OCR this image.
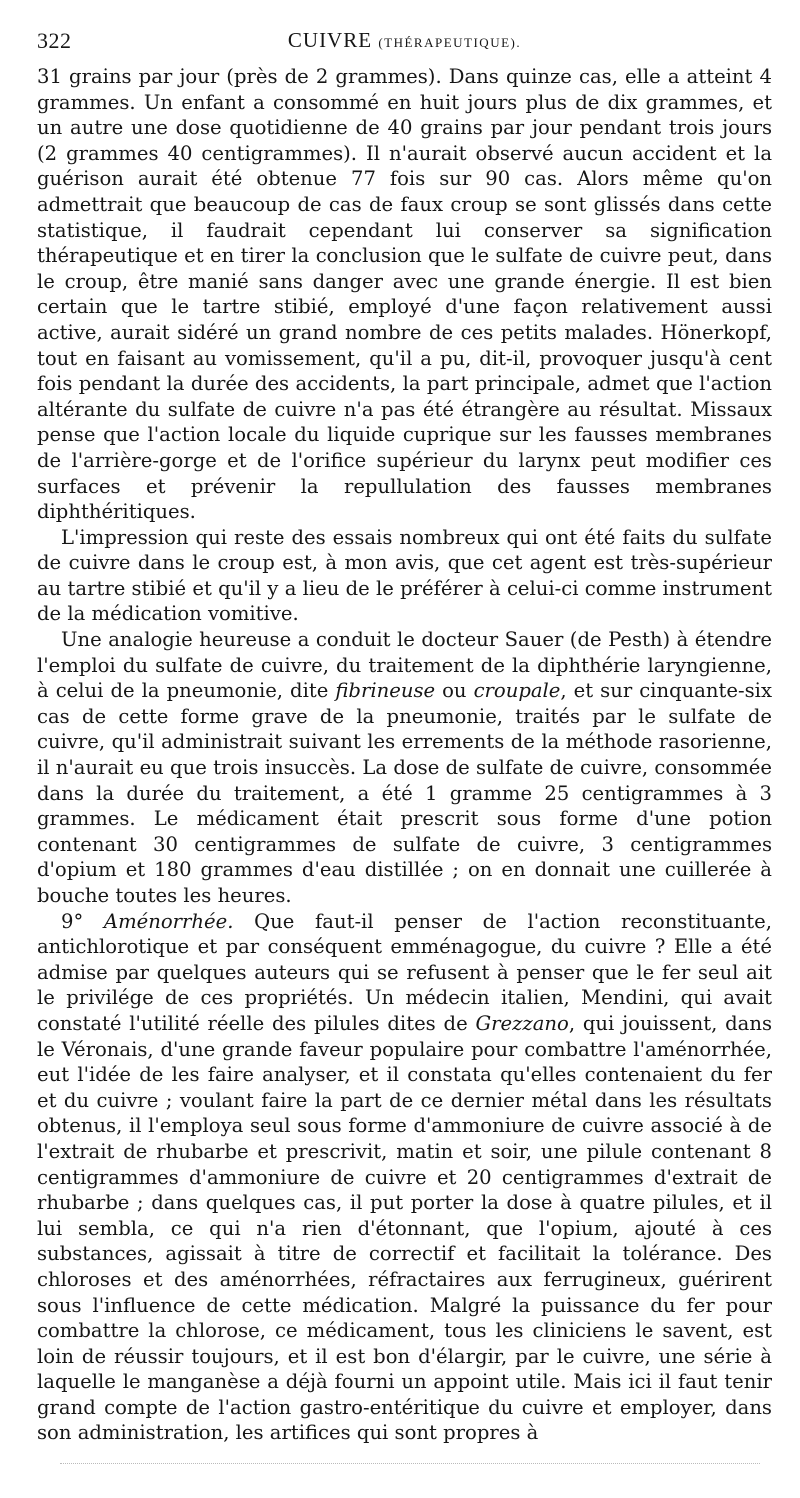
322	CUIVRE (THÉRAPEUTIQUE).

31 grains par jour (près de 2 grammes). Dans quinze cas, elle a atteint 4 grammes. Un enfant a consommé en huit jours plus de dix grammes, et un autre une dose quotidienne de 40 grains par jour pendant trois jours (2 grammes 40 centigrammes). Il n'aurait observé aucun accident et la guérison aurait été obtenue 77 fois sur 90 cas. Alors même qu'on admettrait que beaucoup de cas de faux croup se sont glissés dans cette statistique, il faudrait cependant lui conserver sa signification thérapeutique et en tirer la conclusion que le sulfate de cuivre peut, dans le croup, être manié sans danger avec une grande énergie. Il est bien certain que le tartre stibié, employé d'une façon relativement aussi active, aurait sidéré un grand nombre de ces petits malades. Hönerkopf, tout en faisant au vomissement, qu'il a pu, dit-il, provoquer jusqu'à cent fois pendant la durée des accidents, la part principale, admet que l'action altérante du sulfate de cuivre n'a pas été étrangère au résultat. Missaux pense que l'action locale du liquide cuprique sur les fausses membranes de l'arrière-gorge et de l'orifice supérieur du larynx peut modifier ces surfaces et prévenir la repullulation des fausses membranes diphthéritiques.

L'impression qui reste des essais nombreux qui ont été faits du sulfate de cuivre dans le croup est, à mon avis, que cet agent est très-supérieur au tartre stibié et qu'il y a lieu de le préférer à celui-ci comme instrument de la médication vomitive.

Une analogie heureuse a conduit le docteur Sauer (de Pesth) à étendre l'emploi du sulfate de cuivre, du traitement de la diphthérie laryngienne, à celui de la pneumonie, dite fibrineuse ou croupale, et sur cinquante-six cas de cette forme grave de la pneumonie, traités par le sulfate de cuivre, qu'il administrait suivant les errements de la méthode rasorienne, il n'aurait eu que trois insuccès. La dose de sulfate de cuivre, consommée dans la durée du traitement, a été 1 gramme 25 centigrammes à 3 grammes. Le médicament était prescrit sous forme d'une potion contenant 30 centigrammes de sulfate de cuivre, 3 centigrammes d'opium et 180 grammes d'eau distillée ; on en donnait une cuillerée à bouche toutes les heures.

9° Aménorrhée. Que faut-il penser de l'action reconstituante, antichlorotique et par conséquent emménagogue, du cuivre ? Elle a été admise par quelques auteurs qui se refusent à penser que le fer seul ait le privilége de ces propriétés. Un médecin italien, Mendini, qui avait constaté l'utilité réelle des pilules dites de Grezzano, qui jouissent, dans le Véronais, d'une grande faveur populaire pour combattre l'aménorrhée, eut l'idée de les faire analyser, et il constata qu'elles contenaient du fer et du cuivre ; voulant faire la part de ce dernier métal dans les résultats obtenus, il l'employa seul sous forme d'ammoniure de cuivre associé à de l'extrait de rhubarbe et prescrivit, matin et soir, une pilule contenant 8 centigrammes d'ammoniure de cuivre et 20 centigrammes d'extrait de rhubarbe ; dans quelques cas, il put porter la dose à quatre pilules, et il lui sembla, ce qui n'a rien d'étonnant, que l'opium, ajouté à ces substances, agissait à titre de correctif et facilitait la tolérance. Des chloroses et des aménorrhées, réfractaires aux ferrugineux, guérirent sous l'influence de cette médication. Malgré la puissance du fer pour combattre la chlorose, ce médicament, tous les cliniciens le savent, est loin de réussir toujours, et il est bon d'élargir, par le cuivre, une série à laquelle le manganèse a déjà fourni un appoint utile. Mais ici il faut tenir grand compte de l'action gastro-entéritique du cuivre et employer, dans son administration, les artifices qui sont propres à
